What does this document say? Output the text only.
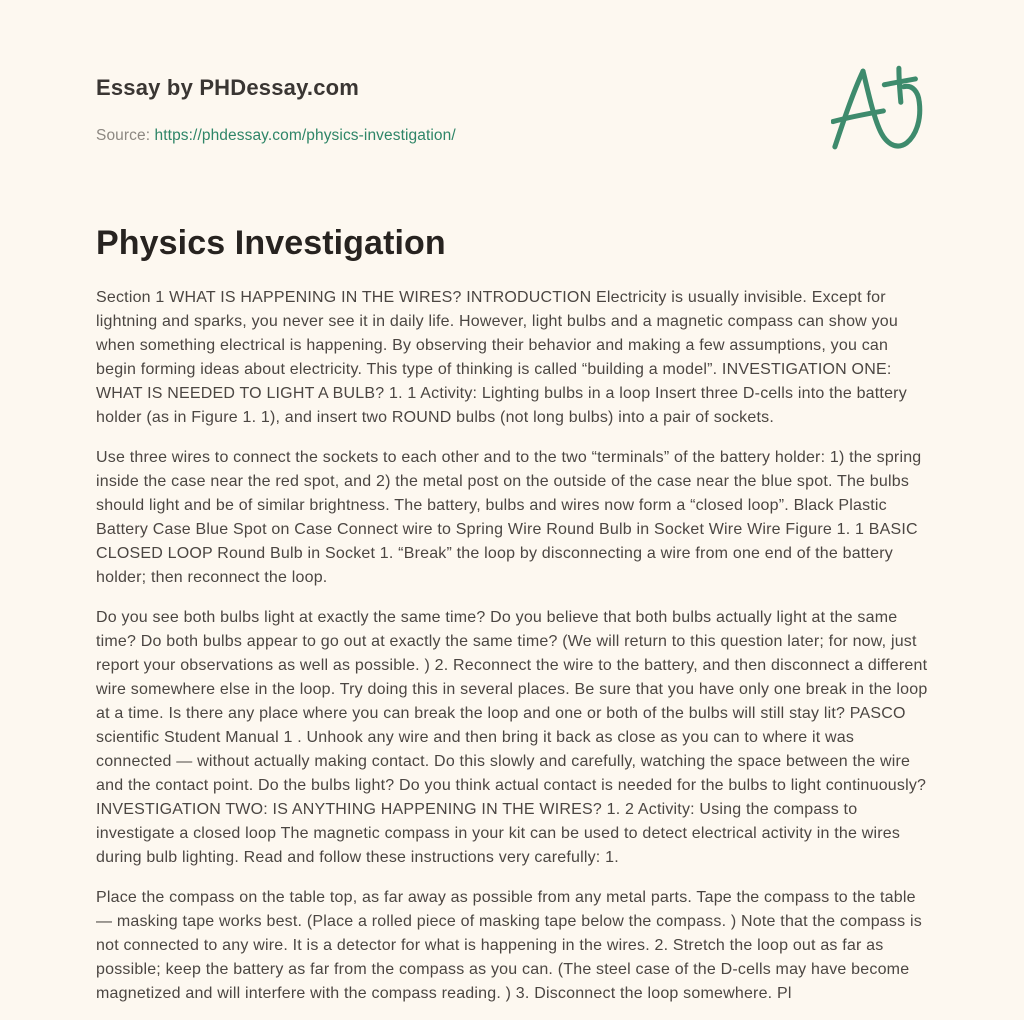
Essay by PHDessay.com
Source: https://phdessay.com/physics-investigation/
Physics Investigation

Section 1 WHAT IS HAPPENING IN THE WIRES? INTRODUCTION Electricity is usually invisible. Except for lightning and sparks, you never see it in daily life. However, light bulbs and a magnetic compass can show you when something electrical is happening. By observing their behavior and making a few assumptions, you can begin forming ideas about electricity. This type of thinking is called “building a model”. INVESTIGATION ONE: WHAT IS NEEDED TO LIGHT A BULB? 1. 1 Activity: Lighting bulbs in a loop Insert three D-cells into the battery holder (as in Figure 1. 1), and insert two ROUND bulbs (not long bulbs) into a pair of sockets.

Use three wires to connect the sockets to each other and to the two “terminals” of the battery holder: 1) the spring inside the case near the red spot, and 2) the metal post on the outside of the case near the blue spot. The bulbs should light and be of similar brightness. The battery, bulbs and wires now form a “closed loop”. Black Plastic Battery Case Blue Spot on Case Connect wire to Spring Wire Round Bulb in Socket Wire Wire Figure 1. 1 BASIC CLOSED LOOP Round Bulb in Socket 1. “Break” the loop by disconnecting a wire from one end of the battery holder; then reconnect the loop.

Do you see both bulbs light at exactly the same time? Do you believe that both bulbs actually light at the same time? Do both bulbs appear to go out at exactly the same time? (We will return to this question later; for now, just report your observations as well as possible. ) 2. Reconnect the wire to the battery, and then disconnect a different wire somewhere else in the loop. Try doing this in several places. Be sure that you have only one break in the loop at a time. Is there any place where you can break the loop and one or both of the bulbs will still stay lit? PASCO scientific Student Manual 1 . Unhook any wire and then bring it back as close as you can to where it was connected — without actually making contact. Do this slowly and carefully, watching the space between the wire and the contact point. Do the bulbs light? Do you think actual contact is needed for the bulbs to light continuously? INVESTIGATION TWO: IS ANYTHING HAPPENING IN THE WIRES? 1. 2 Activity: Using the compass to investigate a closed loop The magnetic compass in your kit can be used to detect electrical activity in the wires during bulb lighting. Read and follow these instructions very carefully: 1.

Place the compass on the table top, as far away as possible from any metal parts. Tape the compass to the table — masking tape works best. (Place a rolled piece of masking tape below the compass. ) Note that the compass is not connected to any wire. It is a detector for what is happening in the wires. 2. Stretch the loop out as far as possible; keep the battery as far from the compass as you can. (The steel case of the D-cells may have become magnetized and will interfere with the compass reading. ) 3. Disconnect the loop somewhere. Pl
